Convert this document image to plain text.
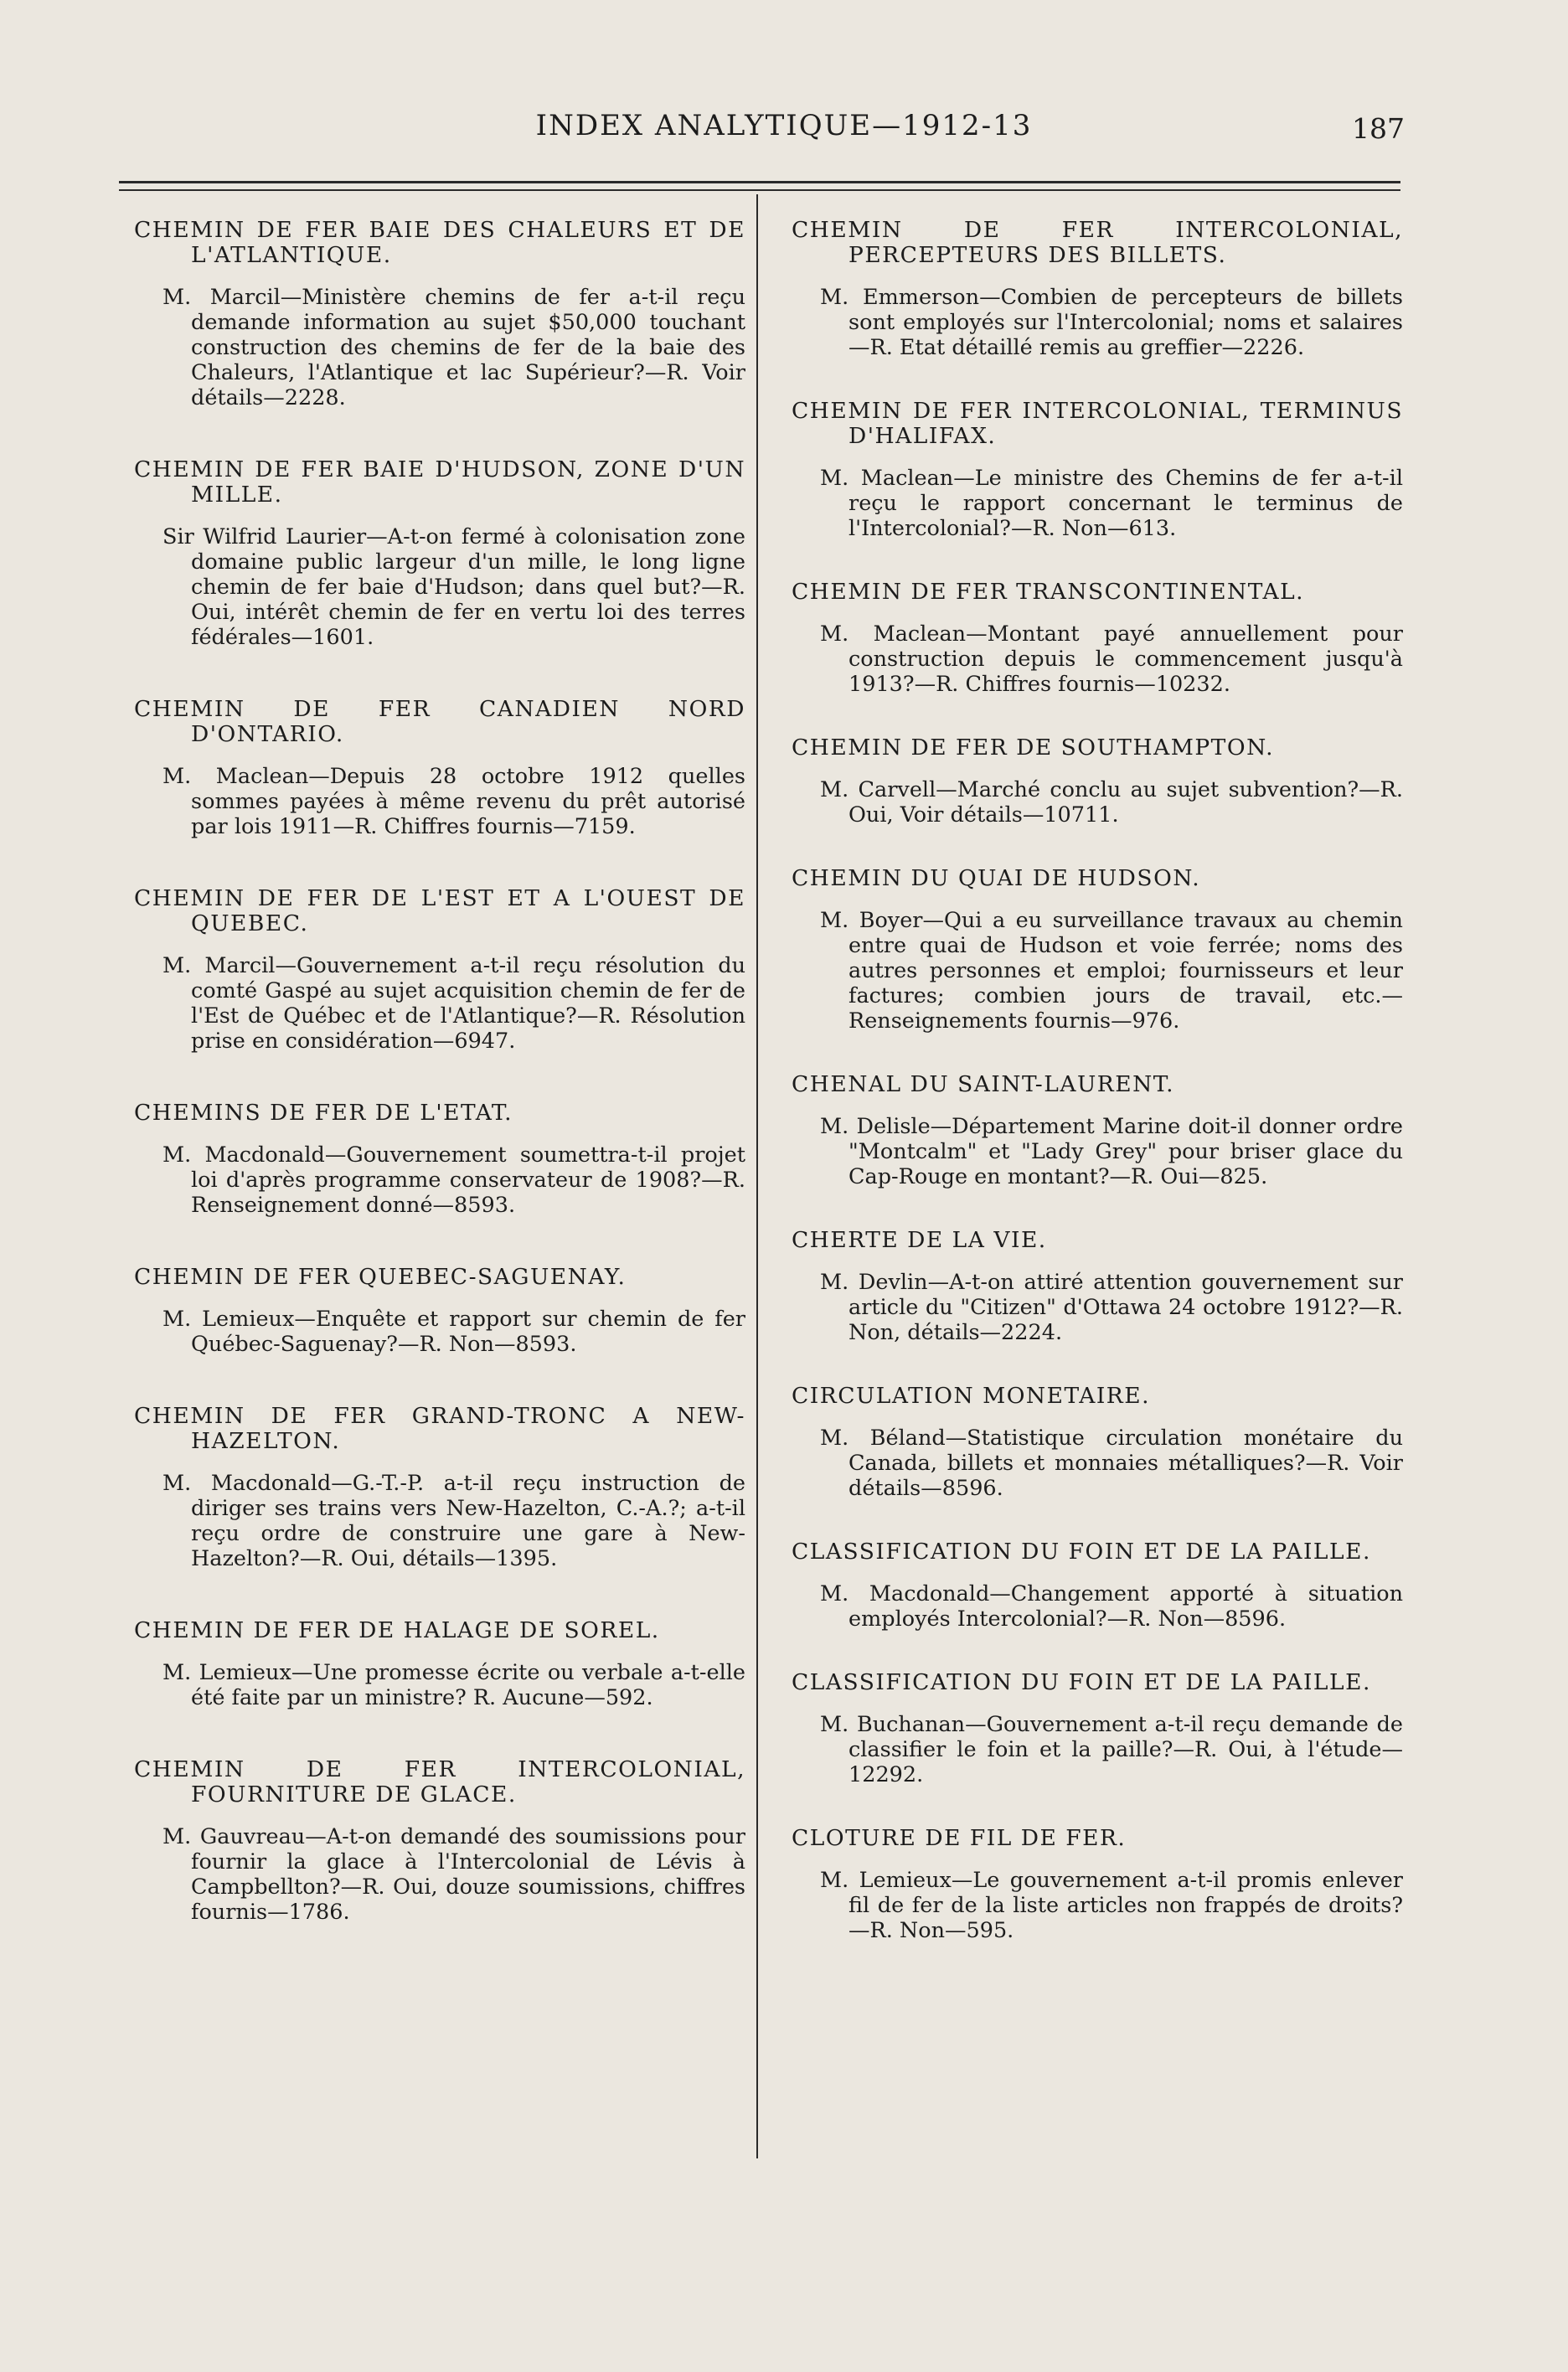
INDEX ANALYTIQUE—1912-13	187

CHEMIN DE FER BAIE DES CHALEURS ET DE L'ATLANTIQUE.

M. Marcil—Ministère chemins de fer a-t-il reçu demande information au sujet $50,000 touchant construction des chemins de fer de la baie des Chaleurs, l'Atlantique et lac Supérieur?—R. Voir détails—2228.

CHEMIN DE FER BAIE D'HUDSON, ZONE D'UN MILLE.

Sir Wilfrid Laurier—A-t-on fermé à colonisation zone domaine public largeur d'un mille, le long ligne chemin de fer baie d'Hudson; dans quel but?—R. Oui, intérêt chemin de fer en vertu loi des terres fédérales—1601.

CHEMIN DE FER CANADIEN NORD D'ONTARIO.

M. Maclean—Depuis 28 octobre 1912 quelles sommes payées à même revenu du prêt autorisé par lois 1911—R. Chiffres fournis—7159.

CHEMIN DE FER DE L'EST ET A L'OUEST DE QUEBEC.

M. Marcil—Gouvernement a-t-il reçu résolution du comté Gaspé au sujet acquisition chemin de fer de l'Est de Québec et de l'Atlantique?—R. Résolution prise en considération—6947.

CHEMINS DE FER DE L'ETAT.

M. Macdonald—Gouvernement soumettra-t-il projet loi d'après programme conservateur de 1908?—R. Renseignement donné—8593.

CHEMIN DE FER QUEBEC-SAGUENAY.

M. Lemieux—Enquête et rapport sur chemin de fer Québec-Saguenay?—R. Non—8593.

CHEMIN DE FER GRAND-TRONC A NEW-HAZELTON.

M. Macdonald—G.-T.-P. a-t-il reçu instruction de diriger ses trains vers New-Hazelton, C.-A.?; a-t-il reçu ordre de construire une gare à New-Hazelton?—R. Oui, détails—1395.

CHEMIN DE FER DE HALAGE DE SOREL.

M. Lemieux—Une promesse écrite ou verbale a-t-elle été faite par un ministre? R. Aucune—592.

CHEMIN DE FER INTERCOLONIAL, FOURNITURE DE GLACE.

M. Gauvreau—A-t-on demandé des soumissions pour fournir la glace à l'Intercolonial de Lévis à Campbellton?—R. Oui, douze soumissions, chiffres fournis—1786.

CHEMIN DE FER INTERCOLONIAL, PERCEPTEURS DES BILLETS.

M. Emmerson—Combien de percepteurs de billets sont employés sur l'Intercolonial; noms et salaires—R. Etat détaillé remis au greffier—2226.

CHEMIN DE FER INTERCOLONIAL, TERMINUS D'HALIFAX.

M. Maclean—Le ministre des Chemins de fer a-t-il reçu le rapport concernant le terminus de l'Intercolonial?—R. Non—613.

CHEMIN DE FER TRANSCONTINENTAL.

M. Maclean—Montant payé annuellement pour construction depuis le commencement jusqu'à 1913?—R. Chiffres fournis—10232.

CHEMIN DE FER DE SOUTHAMPTON.

M. Carvell—Marché conclu au sujet subvention?—R. Oui, Voir détails—10711.

CHEMIN DU QUAI DE HUDSON.

M. Boyer—Qui a eu surveillance travaux au chemin entre quai de Hudson et voie ferrée; noms des autres personnes et emploi; fournisseurs et leur factures; combien jours de travail, etc.—Renseignements fournis—976.

CHENAL DU SAINT-LAURENT.

M. Delisle—Département Marine doit-il donner ordre "Montcalm" et "Lady Grey" pour briser glace du Cap-Rouge en montant?—R. Oui—825.

CHERTE DE LA VIE.

M. Devlin—A-t-on attiré attention gouvernement sur article du "Citizen" d'Ottawa 24 octobre 1912?—R. Non, détails—2224.

CIRCULATION MONETAIRE.

M. Béland—Statistique circulation monétaire du Canada, billets et monnaies métalliques?—R. Voir détails—8596.

CLASSIFICATION DU FOIN ET DE LA PAILLE.

M. Macdonald—Changement apporté à situation employés Intercolonial?—R. Non—8596.

CLASSIFICATION DU FOIN ET DE LA PAILLE.

M. Buchanan—Gouvernement a-t-il reçu demande de classifier le foin et la paille?—R. Oui, à l'étude—12292.

CLOTURE DE FIL DE FER.

M. Lemieux—Le gouvernement a-t-il promis enlever fil de fer de la liste articles non frappés de droits?—R. Non—595.
